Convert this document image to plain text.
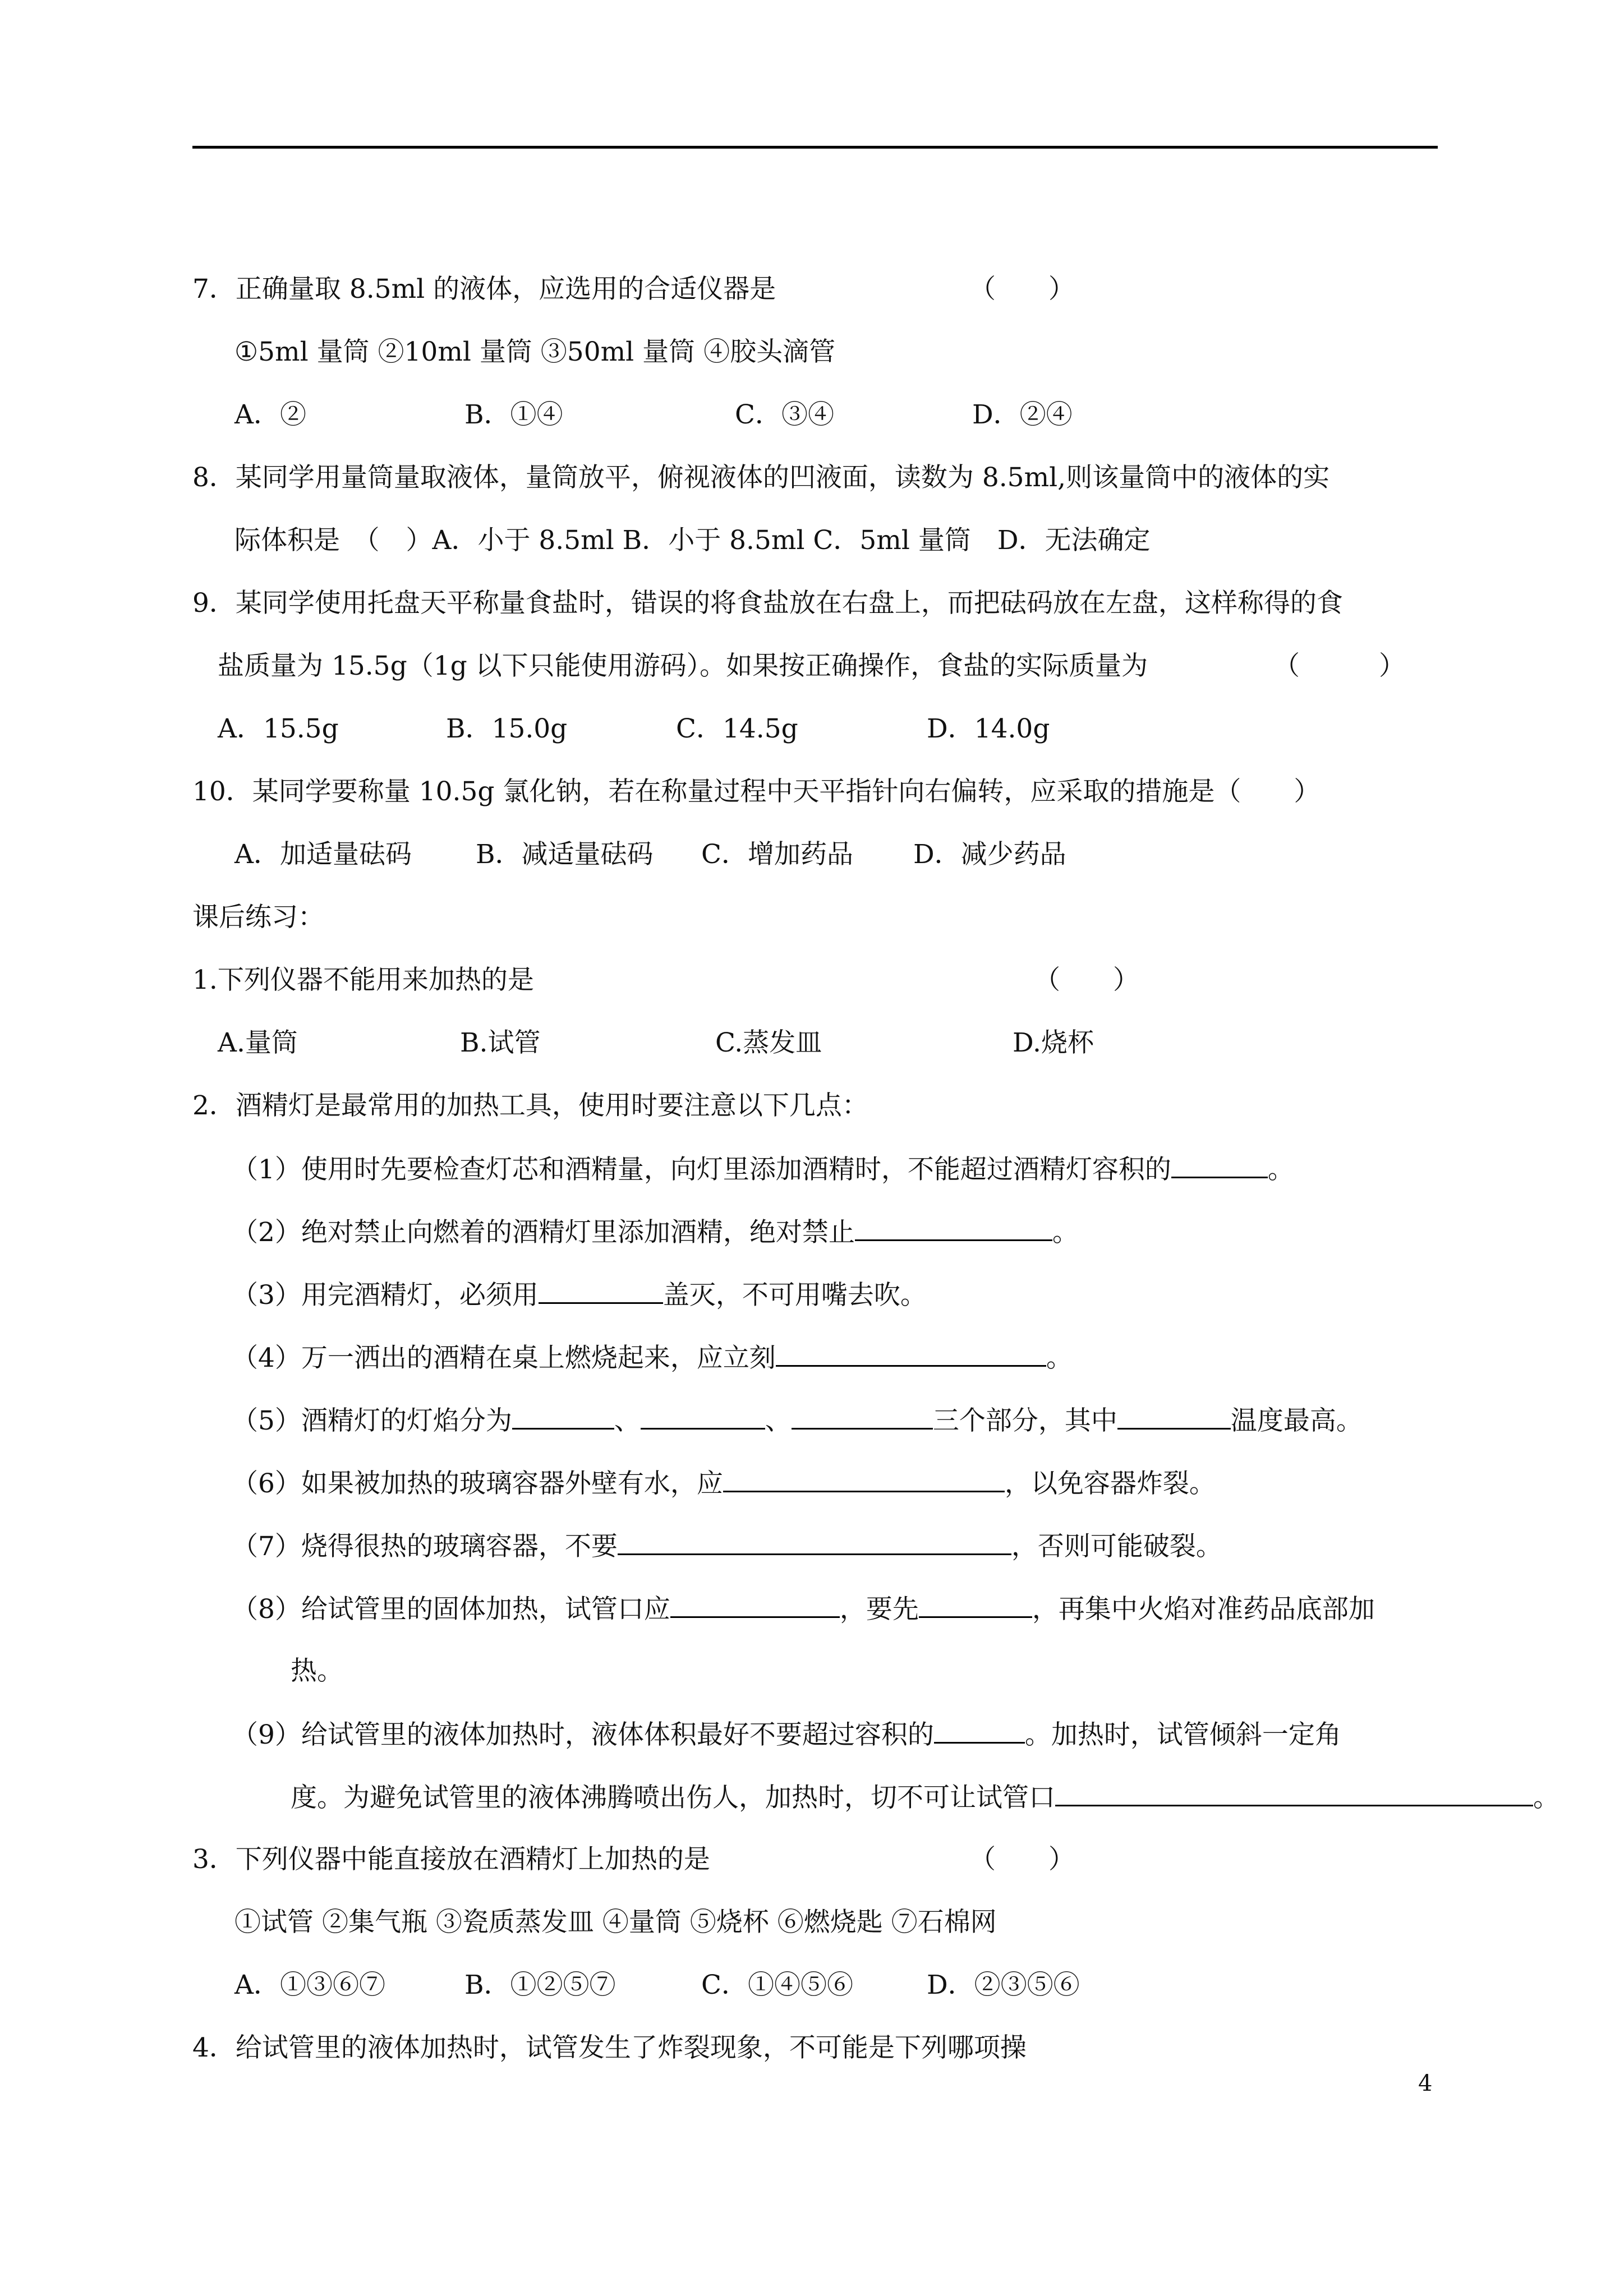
7．正确量取 8.5ml 的液体，应选用的合适仪器是	（　　）
①5ml 量筒 ②10ml 量筒 ③50ml 量筒 ④胶头滴管
A．②	B．①④	C．③④	D．②④
8．某同学用量筒量取液体，量筒放平，俯视液体的凹液面，读数为 8.5ml,则该量筒中的液体的实
际体积是　（　）A．小于 8.5ml B．小于 8.5ml C．5ml 量筒　D．无法确定
9．某同学使用托盘天平称量食盐时，错误的将食盐放在右盘上，而把砝码放在左盘，这样称得的食
盐质量为 15.5g（1g 以下只能使用游码）。如果按正确操作，食盐的实际质量为	（　　　）
A．15.5g	B．15.0g	C．14.5g	D．14.0g
10．某同学要称量 10.5g 氯化钠，若在称量过程中天平指针向右偏转，应采取的措施是（　　）
A．加适量砝码 B．减适量砝码 C．增加药品 D．减少药品
课后练习：
1.下列仪器不能用来加热的是	（　　）
A.量筒	B.试管	C.蒸发皿	D.烧杯
2．酒精灯是最常用的加热工具，使用时要注意以下几点：
（1）使用时先要检查灯芯和酒精量，向灯里添加酒精时，不能超过酒精灯容积的	。
（2）绝对禁止向燃着的酒精灯里添加酒精，绝对禁止	。
（3）用完酒精灯，必须用	盖灭，不可用嘴去吹。
（4）万一洒出的酒精在桌上燃烧起来，应立刻	。
（5）酒精灯的灯焰分为	、	、	三个部分，其中	温度最高。
（6）如果被加热的玻璃容器外壁有水，应	，以免容器炸裂。
（7）烧得很热的玻璃容器，不要	，否则可能破裂。
（8）给试管里的固体加热，试管口应	，要先	，再集中火焰对准药品底部加
热。
（9）给试管里的液体加热时，液体体积最好不要超过容积的	。加热时，试管倾斜一定角
度。为避免试管里的液体沸腾喷出伤人，加热时，切不可让试管口	。
3．下列仪器中能直接放在酒精灯上加热的是	（　　）
①试管 ②集气瓶 ③瓷质蒸发皿 ④量筒 ⑤烧杯 ⑥燃烧匙 ⑦石棉网
A．①③⑥⑦	B．①②⑤⑦	C．①④⑤⑥	D．②③⑤⑥
4．给试管里的液体加热时，试管发生了炸裂现象，不可能是下列哪项操
4
